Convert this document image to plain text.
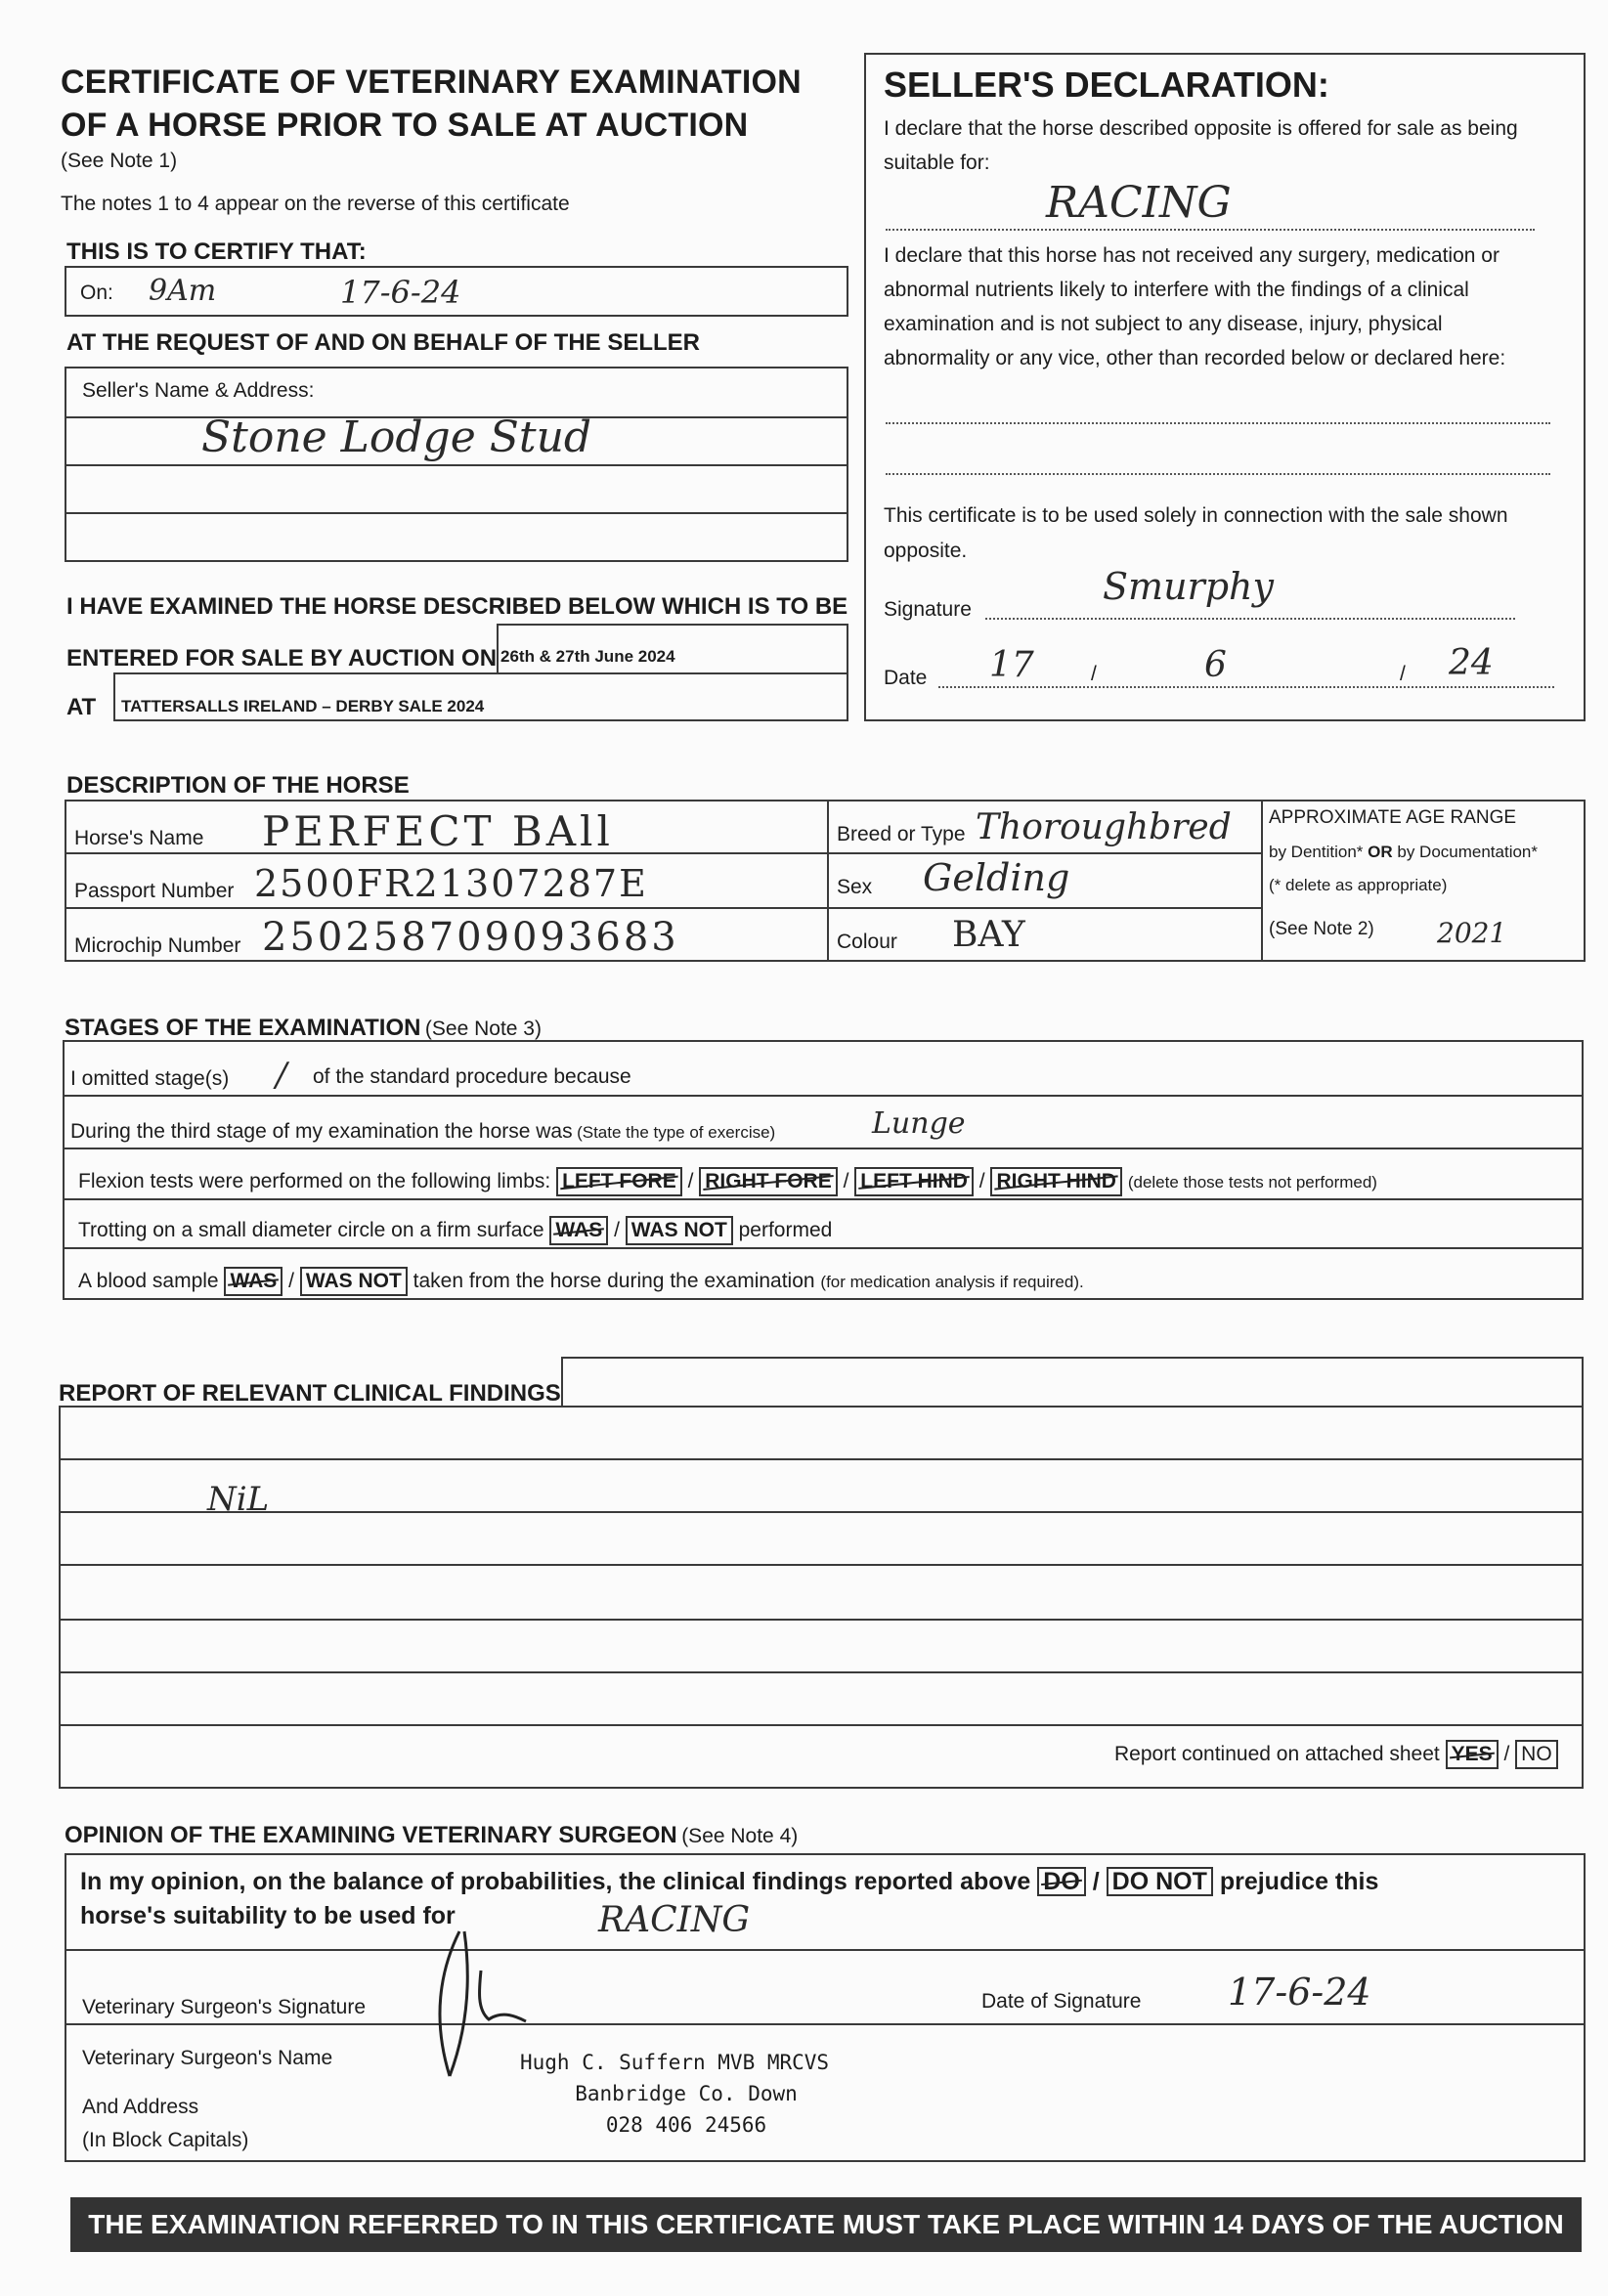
CERTIFICATE OF VETERINARY EXAMINATION
OF A HORSE PRIOR TO SALE AT AUCTION
(See Note 1)
The notes 1 to 4 appear on the reverse of this certificate
THIS IS TO CERTIFY THAT:
On: 9Am	17-6-24
AT THE REQUEST OF AND ON BEHALF OF THE SELLER
Seller's Name & Address:
Stone Lodge Stud
I HAVE EXAMINED THE HORSE DESCRIBED BELOW WHICH IS TO BE
ENTERED FOR SALE BY AUCTION ON 26th & 27th June 2024
AT TATTERSALLS IRELAND – DERBY SALE 2024
SELLER'S DECLARATION:
I declare that the horse described opposite is offered for sale as being
suitable for:
RACING
I declare that this horse has not received any surgery, medication or
abnormal nutrients likely to interfere with the findings of a clinical
examination and is not subject to any disease, injury, physical
abnormality or any vice, other than recorded below or declared here:
This certificate is to be used solely in connection with the sale shown
opposite.
Signature
Smurphy
Date 17	/	6	/ 24
DESCRIPTION OF THE HORSE
Horse's Name PERFECT BAll
Passport Number 2500FR21307287E
Microchip Number 250258709093683
Breed or Type Thoroughbred
Sex Gelding
Colour BAY
APPROXIMATE AGE RANGE
by Dentition* OR by Documentation*
(* delete as appropriate)
(See Note 2) 2021
STAGES OF THE EXAMINATION (See Note 3)
I omitted stage(s) / of the standard procedure because
During the third stage of my examination the horse was (State the type of exercise)	Lunge
Flexion tests were performed on the following limbs: LEFT FORE / RIGHT FORE / LEFT HIND / RIGHT HIND (delete those tests not performed)
Trotting on a small diameter circle on a firm surface WAS / WAS NOT performed
A blood sample WAS / WAS NOT taken from the horse during the examination (for medication analysis if required).
REPORT OF RELEVANT CLINICAL FINDINGS
NiL
Report continued on attached sheet YES / NO
OPINION OF THE EXAMINING VETERINARY SURGEON (See Note 4)
In my opinion, on the balance of probabilities, the clinical findings reported above DO / DO NOT prejudice this
horse's suitability to be used for	RACING
Veterinary Surgeon's Signature	Date of Signature 17-6-24
Veterinary Surgeon's Name
And Address
(In Block Capitals)
Hugh C. Suffern MVB MRCVS
Banbridge Co. Down
028 406 24566
THE EXAMINATION REFERRED TO IN THIS CERTIFICATE MUST TAKE PLACE WITHIN 14 DAYS OF THE AUCTION
